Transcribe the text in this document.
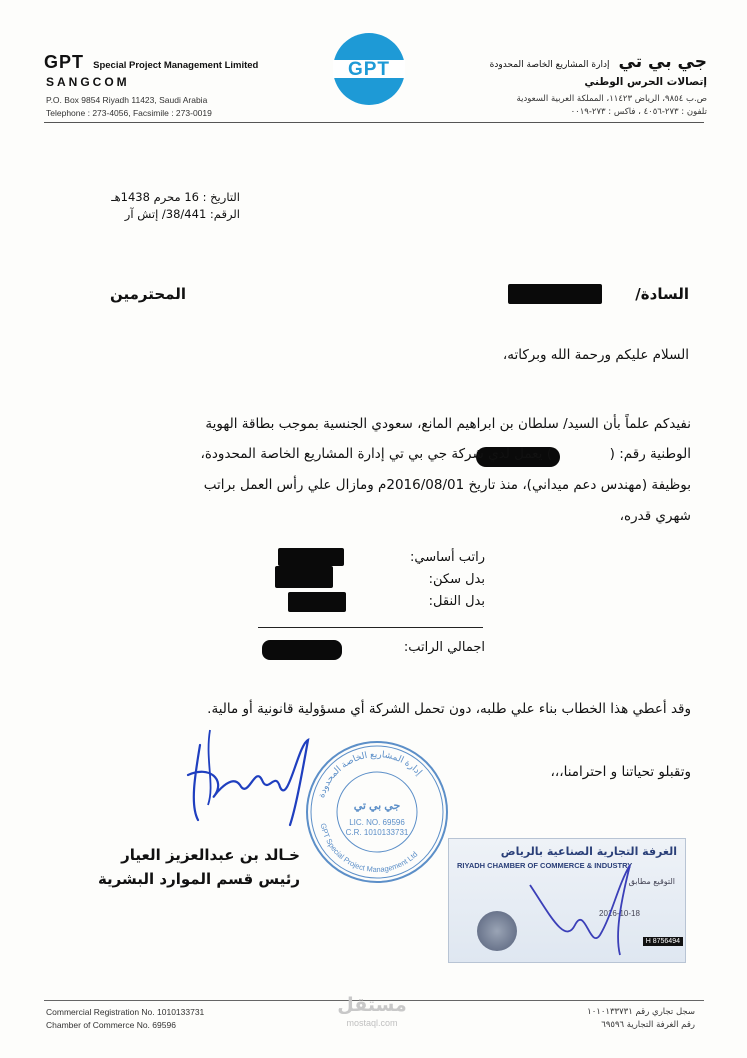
GPT Special Project Management Limited
SANGCOM
P.O. Box 9854 Riyadh 11423, Saudi Arabia
Telephone : 273-4056, Facsimile : 273-0019
GPT	جي بي تي إدارة المشاريع الخاصة المحدودة
إتصالات الحرس الوطني
ص.ب ٩٨٥٤، الرياض ١١٤٢٣، المملكة العربية السعودية
تلفون : ٢٧٣-٤٠٥٦ ، فاكس : ٢٧٣-٠٠١٩
التاريخ : 16 محرم 1438هـ
الرقم: 38/441/ إتش آر
السادة/
المحترمين
السلام عليكم ورحمة الله وبركاته،
نفيدكم علماً بأن السيد/ سلطان بن ابراهيم المانع، سعودي الجنسية بموجب بطاقة الهوية
الوطنية رقم: (
) يعمل لدي شركة جي بي تي إدارة المشاريع الخاصة المحدودة،
بوظيفة (مهندس دعم ميداني)، منذ تاريخ 2016/08/01م ومازال علي رأس العمل براتب
شهري قدره،
راتب أساسي:
بدل سكن:
بدل النقل:
اجمالي الراتب:
وقد أعطي هذا الخطاب بناء علي طلبه، دون تحمل الشركة أي مسؤولية قانونية أو مالية.
وتقبلو تحياتنا و احترامنا،،،
خـالد بن عبدالعزيز العيار
رئيس قسم الموارد البشرية
إدارة المشاريع الخاصة المحدودة
GPT Special Project Management Ltd
جي بي تي
LIC. NO. 69596
C.R. 1010133731
الغرفة التجارية الصناعية بالرياض
RIYADH CHAMBER OF COMMERCE & INDUSTRY
التوقيع مطابق
2016-10-18
H 8756494
Commercial Registration No. 1010133731
Chamber of Commerce No. 69596
سجل تجاري رقم ١٠١٠١٣٣٧٣١
رقم الغرفة التجارية ٦٩٥٩٦
مستقل
mostaql.com
